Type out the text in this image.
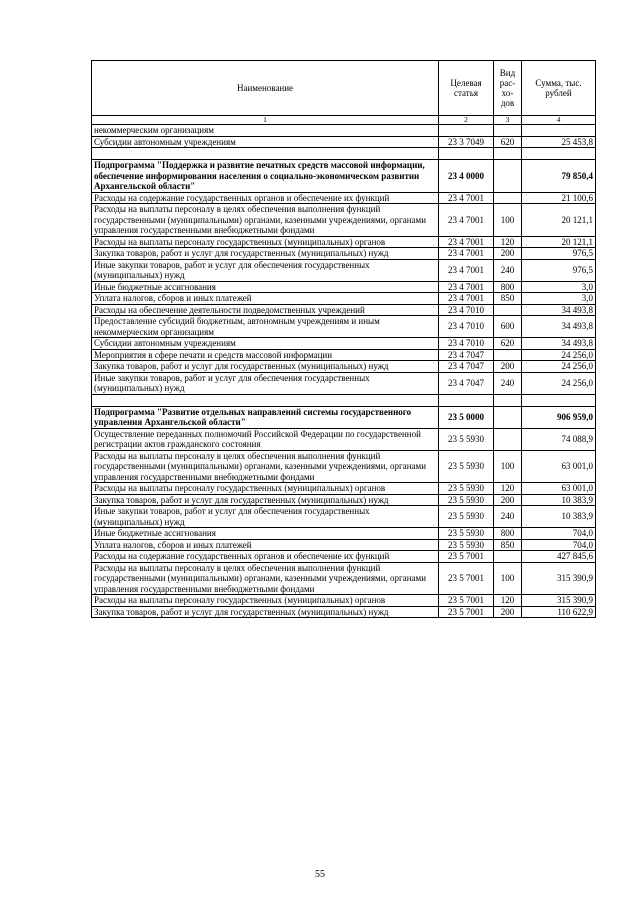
Наименование	Целевая статья	Вид рас-хо-дов	Сумма, тыс. рублей
1	2	3	4
некоммерческим организациям			
Субсидии автономным учреждениям	23 3 7049	620	25 453,8

Подпрограмма "Поддержка и развитие печатных средств массовой информации, обеспечение информирования населения о социально-экономическом развитии Архангельской области"	23 4 0000		79 850,4
Расходы на содержание государственных органов и обеспечение их функций	23 4 7001		21 100,6
Расходы на выплаты персоналу в целях обеспечения выполнения функций государственными (муниципальными) органами, казенными учреждениями, органами управления государственными внебюджетными фондами	23 4 7001	100	20 121,1
Расходы на выплаты персоналу государственных (муниципальных) органов	23 4 7001	120	20 121,1
Закупка товаров, работ и услуг для государственных (муниципальных) нужд	23 4 7001	200	976,5
Иные закупки товаров, работ и услуг для обеспечения государственных (муниципальных) нужд	23 4 7001	240	976,5
Иные бюджетные ассигнования	23 4 7001	800	3,0
Уплата налогов, сборов и иных платежей	23 4 7001	850	3,0
Расходы на обеспечение деятельности подведомственных учреждений	23 4 7010		34 493,8
Предоставление субсидий бюджетным, автономным учреждениям и иным некоммерческим организациям	23 4 7010	600	34 493,8
Субсидии автономным учреждениям	23 4 7010	620	34 493,8
Мероприятия в сфере печати и средств массовой информации	23 4 7047		24 256,0
Закупка товаров, работ и услуг для государственных (муниципальных) нужд	23 4 7047	200	24 256,0
Иные закупки товаров, работ и услуг для обеспечения государственных (муниципальных) нужд	23 4 7047	240	24 256,0

Подпрограмма "Развитие отдельных направлений системы государственного управления Архангельской области"	23 5 0000		906 959,0
Осуществление переданных полномочий Российской Федерации по государственной регистрации актов гражданского состояния	23 5 5930		74 088,9
Расходы на выплаты персоналу в целях обеспечения выполнения функций государственными (муниципальными) органами, казенными учреждениями, органами управления государственными внебюджетными фондами	23 5 5930	100	63 001,0
Расходы на выплаты персоналу государственных (муниципальных) органов	23 5 5930	120	63 001,0
Закупка товаров, работ и услуг для государственных (муниципальных) нужд	23 5 5930	200	10 383,9
Иные закупки товаров, работ и услуг для обеспечения государственных (муниципальных) нужд	23 5 5930	240	10 383,9
Иные бюджетные ассигнования	23 5 5930	800	704,0
Уплата налогов, сборов и иных платежей	23 5 5930	850	704,0
Расходы на содержание государственных органов и обеспечение их функций	23 5 7001		427 845,6
Расходы на выплаты персоналу в целях обеспечения выполнения функций государственными (муниципальными) органами, казенными учреждениями, органами управления государственными внебюджетными фондами	23 5 7001	100	315 390,9
Расходы на выплаты персоналу государственных (муниципальных) органов	23 5 7001	120	315 390,9
Закупка товаров, работ и услуг для государственных (муниципальных) нужд	23 5 7001	200	110 622,9
55
